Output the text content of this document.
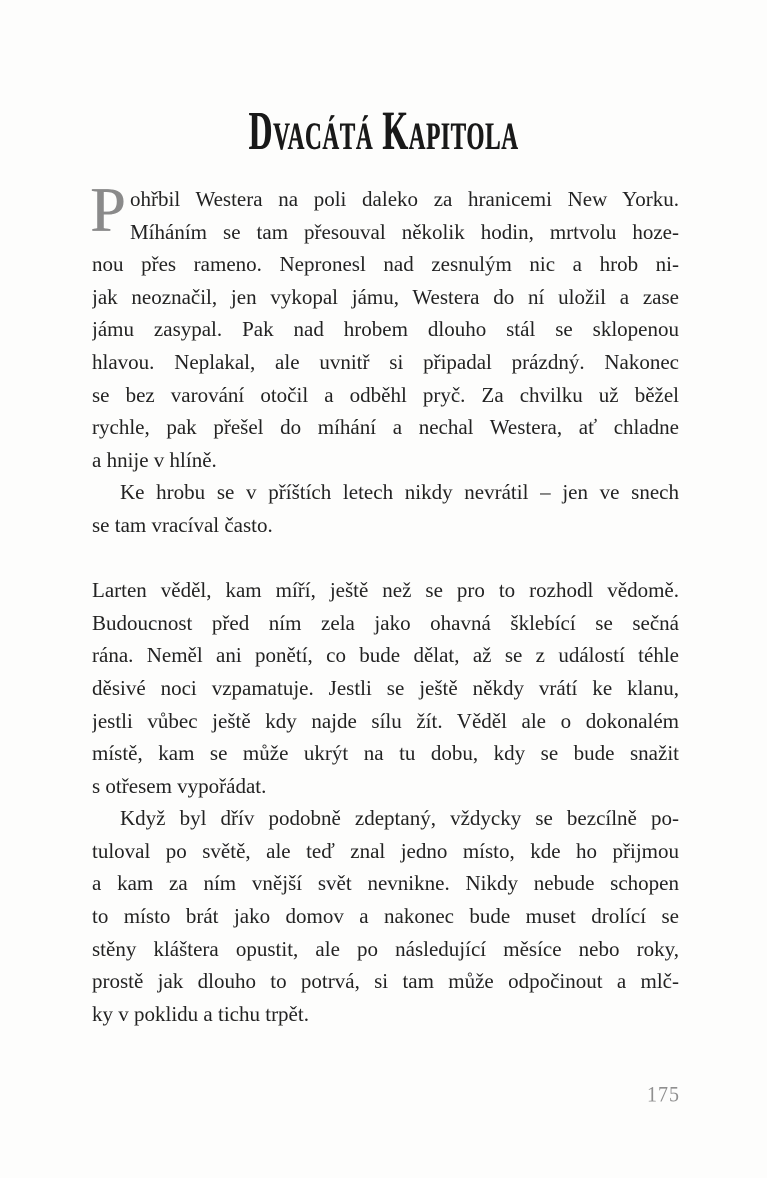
Dvacátá Kapitola
P ohřbil Westera na poli daleko za hranicemi New Yorku.
Míháním se tam přesouval několik hodin, mrtvolu hoze-
nou přes rameno. Nepronesl nad zesnulým nic a hrob ni-
jak neoznačil, jen vykopal jámu, Westera do ní uložil a zase
jámu zasypal. Pak nad hrobem dlouho stál se sklopenou
hlavou. Neplakal, ale uvnitř si připadal prázdný. Nakonec
se bez varování otočil a odběhl pryč. Za chvilku už běžel
rychle, pak přešel do míhání a nechal Westera, ať chladne
a hnije v hlíně.
Ke hrobu se v příštích letech nikdy nevrátil – jen ve snech
se tam vracíval často.
Larten věděl, kam míří, ještě než se pro to rozhodl vědomě.
Budoucnost před ním zela jako ohavná šklebící se sečná
rána. Neměl ani ponětí, co bude dělat, až se z událostí téhle
děsivé noci vzpamatuje. Jestli se ještě někdy vrátí ke klanu,
jestli vůbec ještě kdy najde sílu žít. Věděl ale o dokonalém
místě, kam se může ukrýt na tu dobu, kdy se bude snažit
s otřesem vypořádat.
Když byl dřív podobně zdeptaný, vždycky se bezcílně po-
tuloval po světě, ale teď znal jedno místo, kde ho přijmou
a kam za ním vnější svět nevnikne. Nikdy nebude schopen
to místo brát jako domov a nakonec bude muset drolící se
stěny kláštera opustit, ale po následující měsíce nebo roky,
prostě jak dlouho to potrvá, si tam může odpočinout a mlč-
ky v poklidu a tichu trpět.
175
